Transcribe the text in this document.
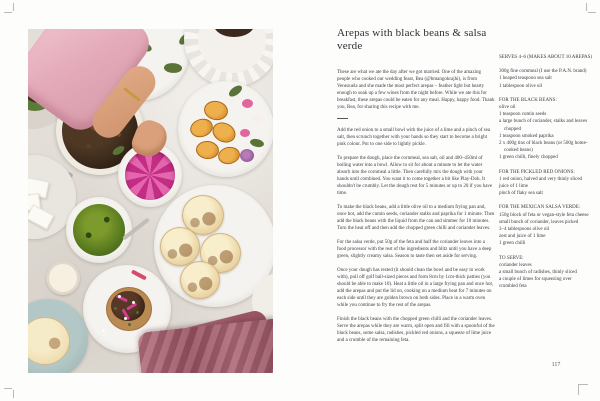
Arepas with black beans & salsa verde

These are what we ate the day after we got married. One of the amazing people who cooked our wedding feast, Bea (@bmangokrajhi), is from Venezuela and she made the most perfect arepas – feather light but hearty enough to soak up a few wines from the night before. While we ate this for breakfast, these arepas could be eaten for any meal. Happy, happy food. Thank you, Bea, for sharing this recipe with me.

Add the red onion to a small bowl with the juice of a lime and a pinch of sea salt, then scrunch together with your hands so they start to become a bright pink colour. Put to one side to lightly pickle.

To prepare the dough, place the cornmeal, sea salt, oil and 400–450ml of boiling water into a bowl. Allow to sit for about a minute to let the water absorb into the cornmeal a little. Then carefully mix the dough with your hands until combined. You want it to come together a bit like Play-Doh. It shouldn't be crumbly. Let the dough rest for 5 minutes or up to 20 if you have time.

To make the black beans, add a little olive oil to a medium frying pan and, once hot, add the cumin seeds, coriander stalks and paprika for 1 minute. Then add the black beans with the liquid from the can and simmer for 10 minutes. Turn the heat off and then add the chopped green chilli and coriander leaves.

For the salsa verde, put 50g of the feta and half the coriander leaves into a food processor with the rest of the ingredients and blitz until you have a deep green, slightly creamy salsa. Season to taste then set aside for serving.

Once your dough has rested (it should clean the bowl and be easy to work with), pull off golf ball-sized pieces and form 8cm by 1cm-thick patties (you should be able to make 10). Heat a little oil in a large frying pan and once hot, add the arepas and put the lid on, cooking on a medium heat for 7 minutes on each side until they are golden brown on both sides. Place in a warm oven while you continue to fry the rest of the arepas.

Finish the black beans with the chopped green chilli and the coriander leaves. Serve the arepas while they are warm, split open and fill with a spoonful of the black beans, some salsa, radishes, pickled red onions, a squeeze of lime juice and a crumble of the remaining feta.

SERVES 4–6 (MAKES ABOUT 10 AREPAS)
300g fine cornmeal (I use the P.A.N. brand)
1 heaped teaspoon sea salt
1 tablespoon olive oil
FOR THE BLACK BEANS:
olive oil
1 teaspoon cumin seeds
a large bunch of coriander, stalks and leaves chopped
1 teaspoon smoked paprika
2 x 400g tins of black beans (or 500g home-cooked beans)
1 green chilli, finely chopped
FOR THE PICKLED RED ONIONS:
1 red onion, halved and very thinly sliced
juice of 1 lime
pinch of flaky sea salt
FOR THE MEXICAN SALSA VERDE:
150g block of feta or vegan-style feta cheese
small bunch of coriander, leaves picked
3–4 tablespoons olive oil
zest and juice of 1 lime
1 green chilli
TO SERVE:
coriander leaves
a small bunch of radishes, thinly sliced
a couple of limes for squeezing over
crumbled feta
117
